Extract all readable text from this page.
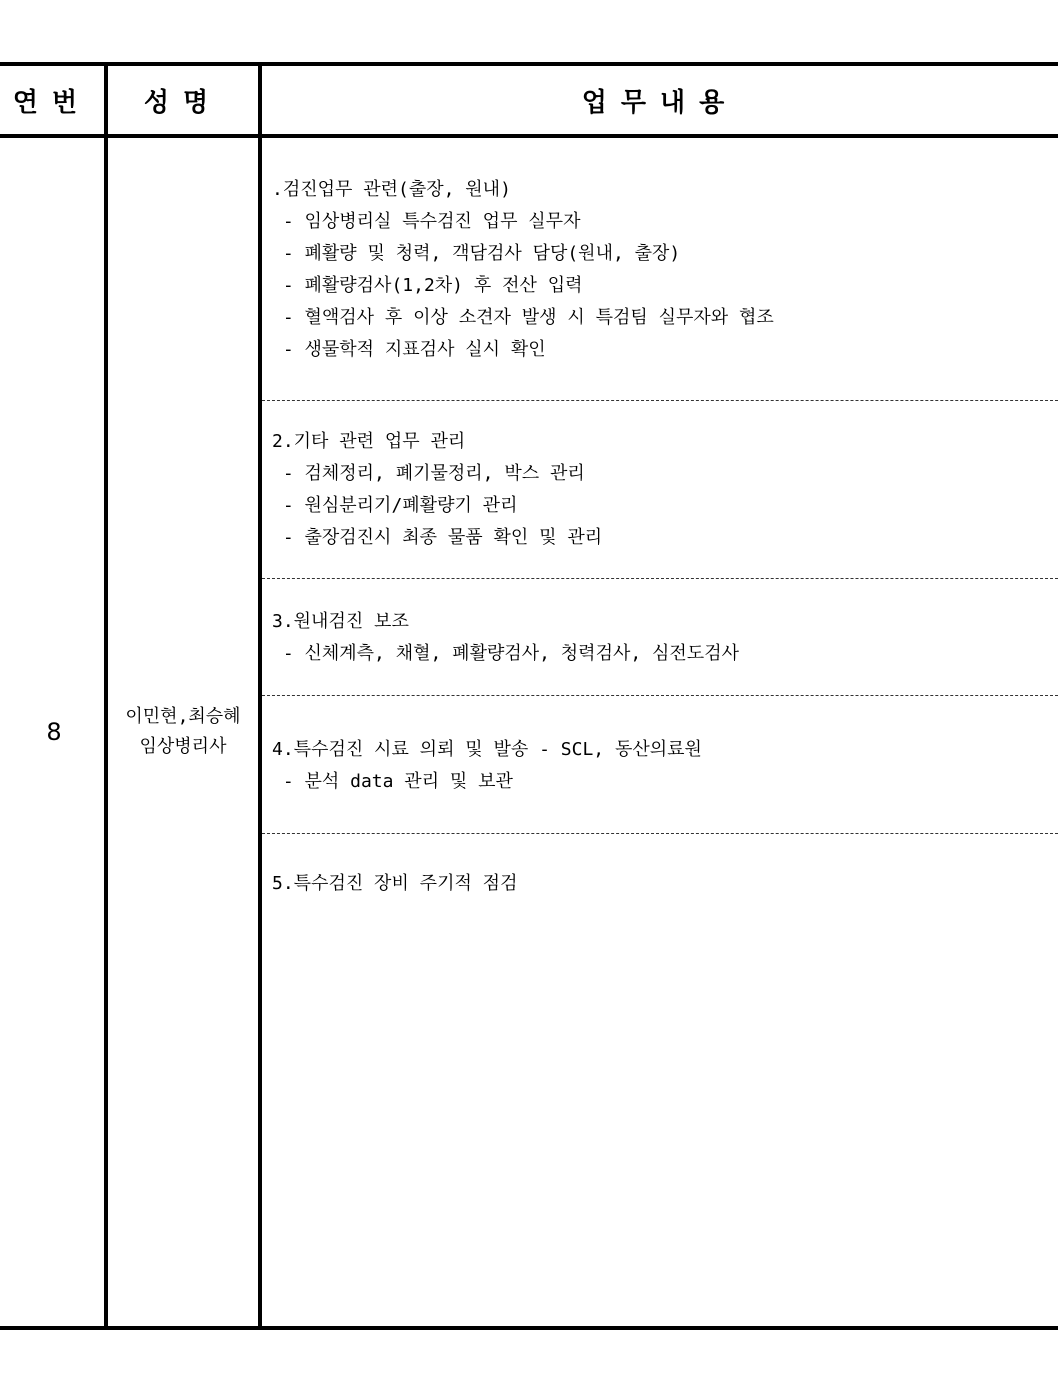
연번	성명	업무내용
8
이민현,최승혜
임상병리사
.검진업무 관련(출장, 원내)
- 임상병리실 특수검진 업무 실무자
- 폐활량 및 청력, 객담검사 담당(원내, 출장)
- 폐활량검사(1,2차) 후 전산 입력
- 혈액검사 후 이상 소견자 발생 시 특검팀 실무자와 협조
- 생물학적 지표검사 실시 확인
2.기타 관련 업무 관리
- 검체정리, 폐기물정리, 박스 관리
- 원심분리기/폐활량기 관리
- 출장검진시 최종 물품 확인 및 관리
3.원내검진 보조
- 신체계측, 채혈, 폐활량검사, 청력검사, 심전도검사
4.특수검진 시료 의뢰 및 발송 - SCL, 동산의료원
- 분석 data 관리 및 보관
5.특수검진 장비 주기적 점검
